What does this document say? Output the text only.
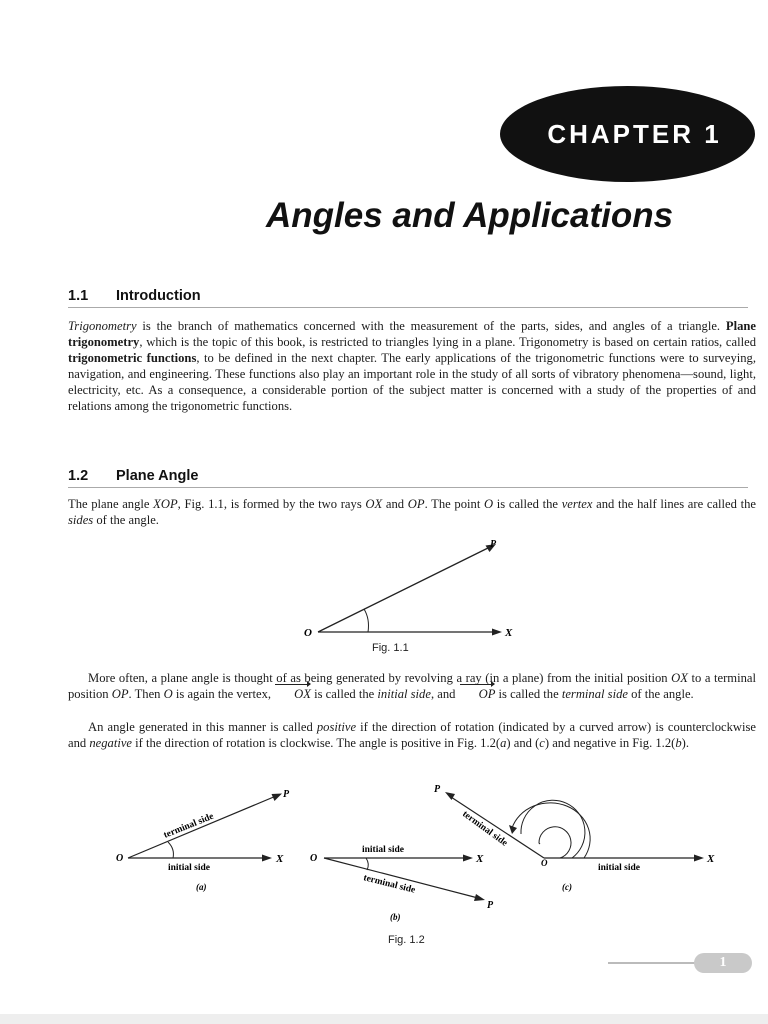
CHAPTER 1
Angles and Applications
1.1 Introduction

Trigonometry is the branch of mathematics concerned with the measurement of the parts, sides, and angles of a triangle. Plane trigonometry, which is the topic of this book, is restricted to triangles lying in a plane. Trigonometry is based on certain ratios, called trigonometric functions, to be defined in the next chapter. The early applications of the trigonometric functions were to surveying, navigation, and engineering. These functions also play an important role in the study of all sorts of vibratory phenomena—sound, light, electricity, etc. As a consequence, a considerable portion of the subject matter is concerned with a study of the properties of and relations among the trigonometric functions.

1.2 Plane Angle

The plane angle XOP, Fig. 1.1, is formed by the two rays OX and OP. The point O is called the vertex and the half lines are called the sides of the angle.

O	X
P
Fig. 1.1

More often, a plane angle is thought of as being generated by revolving a ray (in a plane) from the initial position OX to a terminal position OP. Then O is again the vertex, OX is called the initial side, and OP is called the terminal side of the angle.

An angle generated in this manner is called positive if the direction of rotation (indicated by a curved arrow) is counterclockwise and negative if the direction of rotation is clockwise. The angle is positive in Fig. 1.2(a) and (c) and negative in Fig. 1.2(b).

O	X
P
initial side
terminal side
(a)
O	X
P
initial side
terminal side
(b)
O	X
P
initial side
terminal side
(c)
Fig. 1.2
1
